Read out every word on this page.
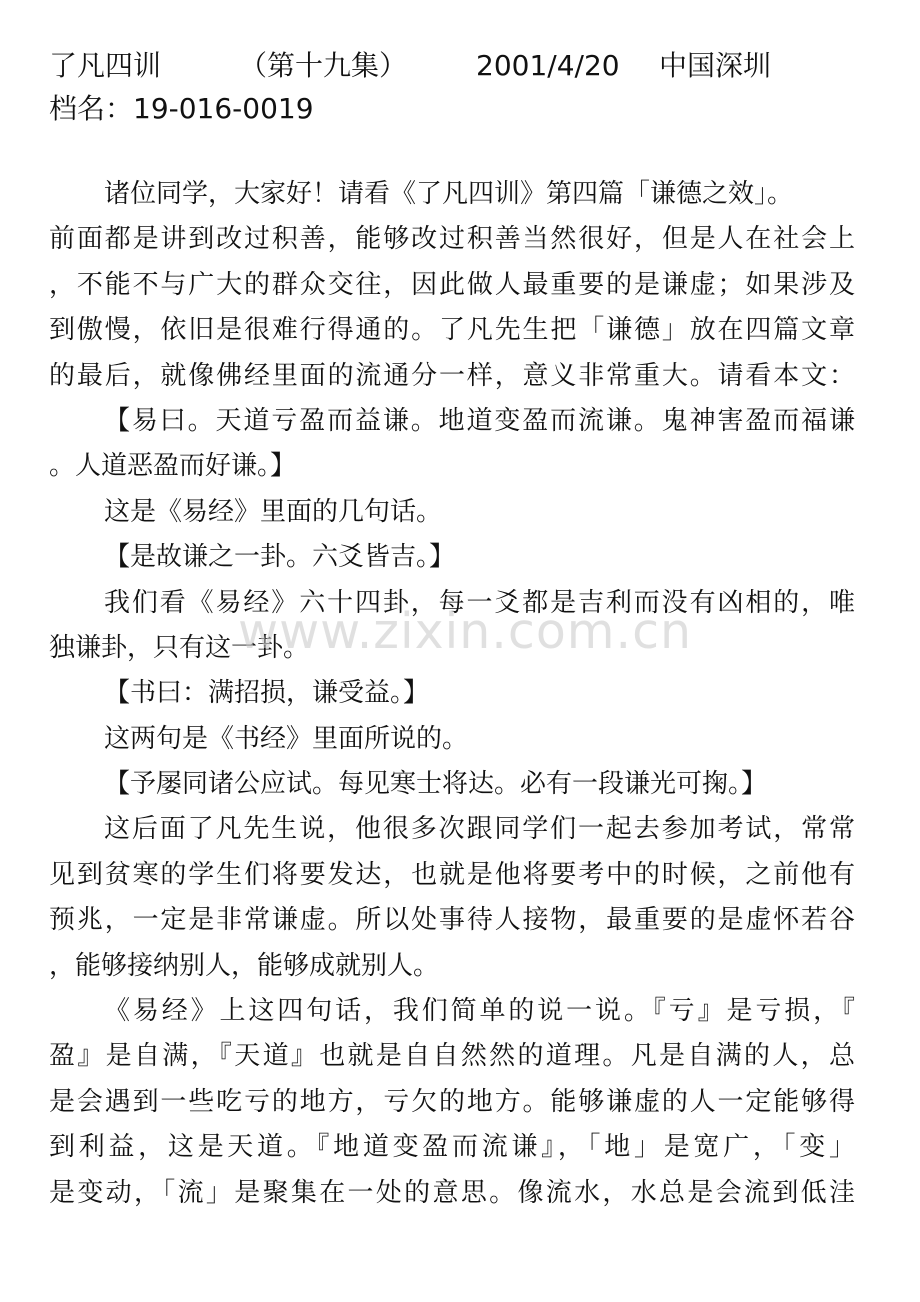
了凡四训	（第十九集） 2001/4/20 中国深圳
档名：19-016-0019
诸位同学，大家好！请看《了凡四训》第四篇「谦德之效」。
前面都是讲到改过积善，能够改过积善当然很好，但是人在社会上
，不能不与广大的群众交往，因此做人最重要的是谦虚；如果涉及
到傲慢，依旧是很难行得通的。了凡先生把「谦德」放在四篇文章
的最后，就像佛经里面的流通分一样，意义非常重大。请看本文：
【易曰。天道亏盈而益谦。地道变盈而流谦。鬼神害盈而福谦
。人道恶盈而好谦。】
这是《易经》里面的几句话。
【是故谦之一卦。六爻皆吉。】
我们看《易经》六十四卦，每一爻都是吉利而没有凶相的，唯
独谦卦，只有这一卦。
【书曰：满招损，谦受益。】
这两句是《书经》里面所说的。
【予屡同诸公应试。每见寒士将达。必有一段谦光可掬。】
这后面了凡先生说，他很多次跟同学们一起去参加考试，常常
见到贫寒的学生们将要发达，也就是他将要考中的时候，之前他有
预兆，一定是非常谦虚。所以处事待人接物，最重要的是虚怀若谷
，能够接纳别人，能够成就别人。
《易经》上这四句话，我们简单的说一说。『亏』是亏损，『
盈』是自满，『天道』也就是自自然然的道理。凡是自满的人，总
是会遇到一些吃亏的地方，亏欠的地方。能够谦虚的人一定能够得
到利益，这是天道。『地道变盈而流谦』，「地」是宽广，「变」
是变动，「流」是聚集在一处的意思。像流水，水总是会流到低洼
www.zixin.com.cn
